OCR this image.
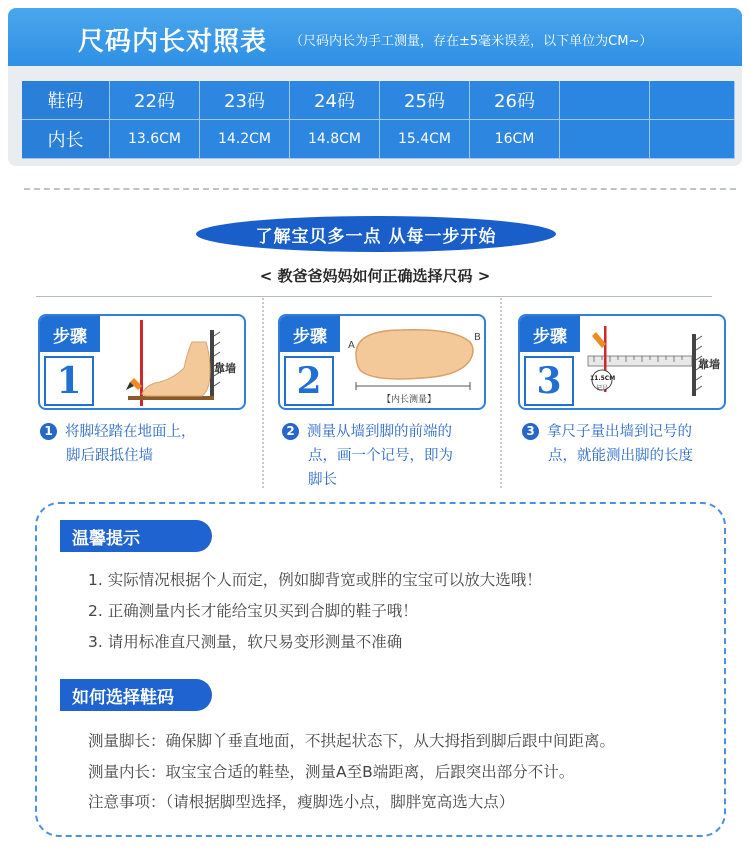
尺码内长对照表 （尺码内长为手工测量，存在±5毫米误差，以下单位为CM~）
鞋码	22码	23码	24码	25码	26码
内长	13.6CM	14.2CM	14.8CM	15.4CM	16CM
了解宝贝多一点 从每一步开始
< 教爸爸妈妈如何正确选择尺码 >
步骤
1	靠墙
1 将脚轻踏在地面上，
脚后跟抵住墙
步骤
2
A
B
【内长测量】
2 测量从墙到脚的前端的
点，画一个记号，即为
脚长
步骤
3	11.5CM
记号
靠墙
3 拿尺子量出墙到记号的
点，就能测出脚的长度
温馨提示
1. 实际情况根据个人而定，例如脚背宽或胖的宝宝可以放大选哦！
2. 正确测量内长才能给宝贝买到合脚的鞋子哦！
3. 请用标准直尺测量，软尺易变形测量不准确
如何选择鞋码
测量脚长：确保脚丫垂直地面，不拱起状态下，从大拇指到脚后跟中间距离。
测量内长：取宝宝合适的鞋垫，测量A至B端距离，后跟突出部分不计。
注意事项：（请根据脚型选择，瘦脚选小点，脚胖宽高选大点）
